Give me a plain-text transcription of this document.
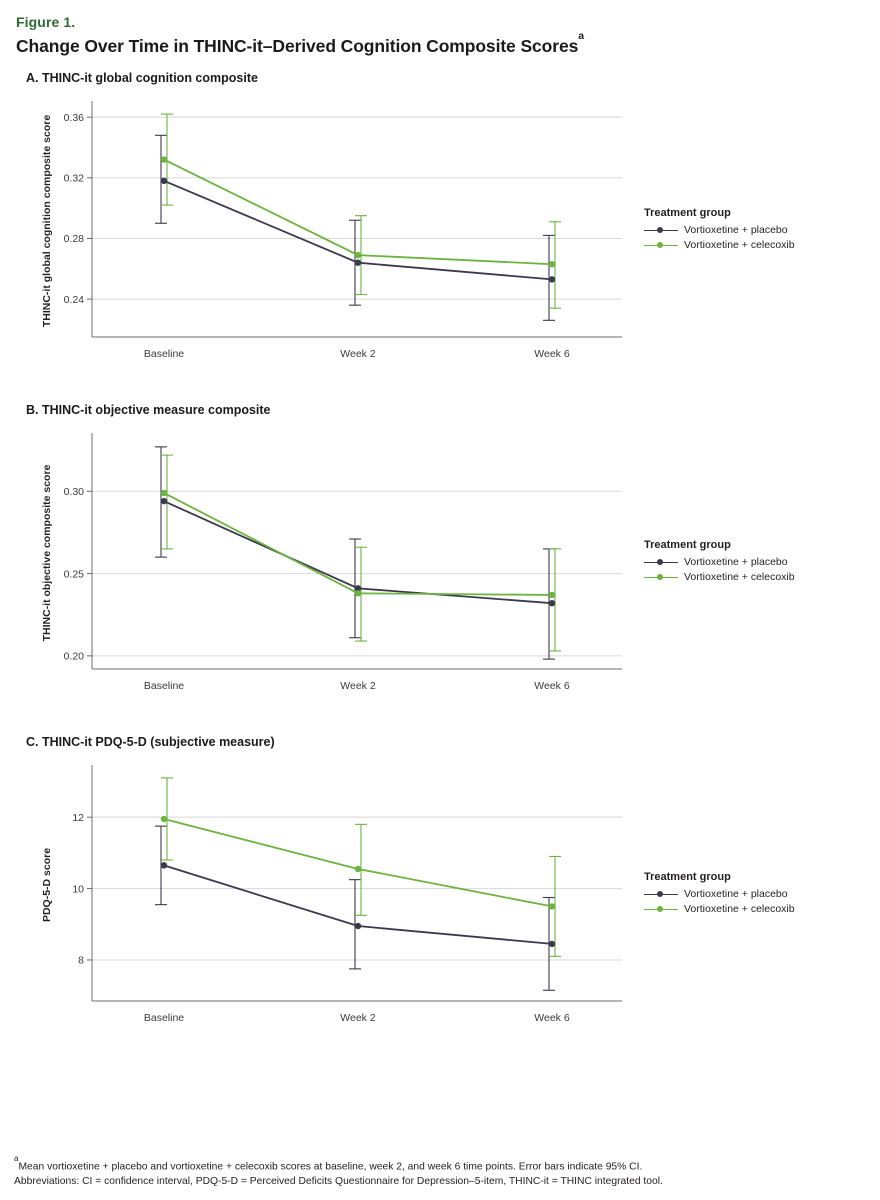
Figure 1.
Change Over Time in THINC-it–Derived Cognition Composite Scores$^a$
A. THINC-it global cognition composite
0.24
0.28
0.32
0.36
Baseline	Week 2	Week 6
THINC-it global cognition composite score	Treatment group
Vortioxetine + placebo
Vortioxetine + celecoxib
B. THINC-it objective measure composite
0.20
0.25
0.30
Baseline	Week 2	Week 6
THINC-it objective composite score	Treatment group
Vortioxetine + placebo
Vortioxetine + celecoxib
C. THINC-it PDQ-5-D (subjective measure)
8
10
12
Baseline	Week 2	Week 6
PDQ-5-D score	Treatment group
Vortioxetine + placebo
Vortioxetine + celecoxib
$^a$Mean vortioxetine + placebo and vortioxetine + celecoxib scores at baseline, week 2, and week 6 time points. Error bars indicate 95% CI.
Abbreviations: CI = confidence interval, PDQ-5-D = Perceived Deficits Questionnaire for Depression–5-item, THINC-it = THINC integrated tool.
